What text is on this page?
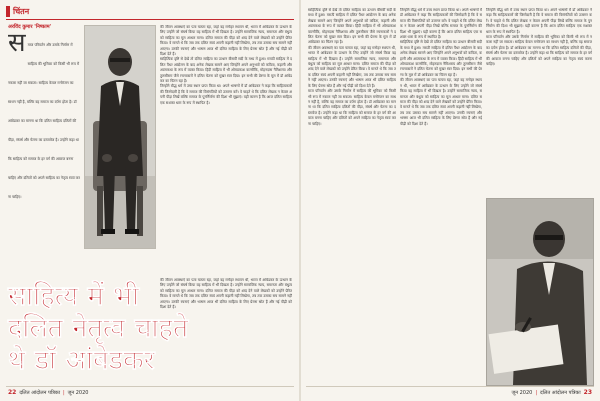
चिंतन
अरविंद कुमार 'निष्काम'
स माज परिवर्तन और उसके निर्माण में साहित्य की भूमिका को किसी भी रूप में नकारा नहीं जा सकता। साहित्य केवल मनोरंजन का साधन नहीं है, बल्कि वह समाज का दर्पण होता है। डॉ आंबेडकर का मानना था कि दलित साहित्य दलितों की पीड़ा, संघर्ष और चेतना का दस्तावेज है। उन्होंने कहा था कि साहित्य को समाज के हर वर्ग की आवाज बनना चाहिए और दलितों को अपने साहित्य का नेतृत्व स्वयं करना चाहिए।

की जीवन अवस्थाएं का पता चलता रहा, जहां वह मनोहर स्थापन थी, भारत में आंबेडकर के उत्थान के लिए उन्होंने जो संघर्ष किया वह साहित्य में भी दिखता है। उन्होंने सामाजिक न्याय, समानता और बंधुत्व को साहित्य का मूल आधार माना। दलित समाज की पीड़ा को शब्द देने वाले लेखकों को उन्होंने प्रेरित किया। वे मानते थे कि जब तक दलित स्वयं अपनी कहानी नहीं लिखेगा, तब तक उसका सच सामने नहीं आएगा। उनकी रचनाएं और भाषण आज भी दलित साहित्य के लिए प्रेरणा स्रोत हैं और नई पीढ़ी को दिशा देते हैं।

साहित्यिक दृष्टि से देखें तो दलित साहित्य का उत्थान बीसवीं सदी के मध्य में हुआ। मराठी साहित्य में दलित पैंथर आंदोलन के बाद अनेक लेखक सामने आए जिन्होंने अपने अनुभवों को कविता, कहानी और आत्मकथा के रूप में व्यक्त किया। हिंदी साहित्य में भी ओमप्रकाश वाल्मीकि, मोहनदास नैमिशराय और तुलसीराम जैसे रचनाकारों ने दलित चेतना को मुखर स्वर दिया। इन सभी की प्रेरणा के मूल में डॉ आंबेडकर का चिंतन रहा है।

जिन्होंने बौद्ध धर्म में उच्च स्थान प्राप्त किया था। अपने भाषणों में डॉ आंबेडकर ने कहा कि साहित्यकारों की जिम्मेदारी है कि वे समाज की विसंगतियों को उजागर करें। वे चाहते थे कि दलित लेखक न केवल अपनी पीड़ा लिखें बल्कि समाज के पुनर्निर्माण की दिशा भी सुझाएं। यही कारण है कि आज दलित साहित्य एक सशक्त धारा के रूप में स्थापित है।

की जीवन अवस्थाएं का पता चलता रहा, जहां वह मनोहर स्थापन थी, भारत में आंबेडकर के उत्थान के लिए उन्होंने जो संघर्ष किया वह साहित्य में भी दिखता है। उन्होंने सामाजिक न्याय, समानता और बंधुत्व को साहित्य का मूल आधार माना। दलित समाज की पीड़ा को शब्द देने वाले लेखकों को उन्होंने प्रेरित किया। वे मानते थे कि जब तक दलित स्वयं अपनी कहानी नहीं लिखेगा, तब तक उसका सच सामने नहीं आएगा। उनकी रचनाएं और भाषण आज भी दलित साहित्य के लिए प्रेरणा स्रोत हैं और नई पीढ़ी को दिशा देते हैं।

साहित्य में भी
दलित नेतृत्व चाहते
थे डॉ आंबेडकर

साहित्यिक दृष्टि से देखें तो दलित साहित्य का उत्थान बीसवीं सदी के मध्य में हुआ। मराठी साहित्य में दलित पैंथर आंदोलन के बाद अनेक लेखक सामने आए जिन्होंने अपने अनुभवों को कविता, कहानी और आत्मकथा के रूप में व्यक्त किया। हिंदी साहित्य में भी ओमप्रकाश वाल्मीकि, मोहनदास नैमिशराय और तुलसीराम जैसे रचनाकारों ने दलित चेतना को मुखर स्वर दिया। इन सभी की प्रेरणा के मूल में डॉ आंबेडकर का चिंतन रहा है।

की जीवन अवस्थाएं का पता चलता रहा, जहां वह मनोहर स्थापन थी, भारत में आंबेडकर के उत्थान के लिए उन्होंने जो संघर्ष किया वह साहित्य में भी दिखता है। उन्होंने सामाजिक न्याय, समानता और बंधुत्व को साहित्य का मूल आधार माना। दलित समाज की पीड़ा को शब्द देने वाले लेखकों को उन्होंने प्रेरित किया। वे मानते थे कि जब तक दलित स्वयं अपनी कहानी नहीं लिखेगा, तब तक उसका सच सामने नहीं आएगा। उनकी रचनाएं और भाषण आज भी दलित साहित्य के लिए प्रेरणा स्रोत हैं और नई पीढ़ी को दिशा देते हैं।

माज परिवर्तन और उसके निर्माण में साहित्य की भूमिका को किसी भी रूप में नकारा नहीं जा सकता। साहित्य केवल मनोरंजन का साधन नहीं है, बल्कि वह समाज का दर्पण होता है। डॉ आंबेडकर का मानना था कि दलित साहित्य दलितों की पीड़ा, संघर्ष और चेतना का दस्तावेज है। उन्होंने कहा था कि साहित्य को समाज के हर वर्ग की आवाज बनना चाहिए और दलितों को अपने साहित्य का नेतृत्व स्वयं करना चाहिए।

जिन्होंने बौद्ध धर्म में उच्च स्थान प्राप्त किया था। अपने भाषणों में डॉ आंबेडकर ने कहा कि साहित्यकारों की जिम्मेदारी है कि वे समाज की विसंगतियों को उजागर करें। वे चाहते थे कि दलित लेखक न केवल अपनी पीड़ा लिखें बल्कि समाज के पुनर्निर्माण की दिशा भी सुझाएं। यही कारण है कि आज दलित साहित्य एक सशक्त धारा के रूप में स्थापित है।

साहित्यिक दृष्टि से देखें तो दलित साहित्य का उत्थान बीसवीं सदी के मध्य में हुआ। मराठी साहित्य में दलित पैंथर आंदोलन के बाद अनेक लेखक सामने आए जिन्होंने अपने अनुभवों को कविता, कहानी और आत्मकथा के रूप में व्यक्त किया। हिंदी साहित्य में भी ओमप्रकाश वाल्मीकि, मोहनदास नैमिशराय और तुलसीराम जैसे रचनाकारों ने दलित चेतना को मुखर स्वर दिया। इन सभी की प्रेरणा के मूल में डॉ आंबेडकर का चिंतन रहा है।

की जीवन अवस्थाएं का पता चलता रहा, जहां वह मनोहर स्थापन थी, भारत में आंबेडकर के उत्थान के लिए उन्होंने जो संघर्ष किया वह साहित्य में भी दिखता है। उन्होंने सामाजिक न्याय, समानता और बंधुत्व को साहित्य का मूल आधार माना। दलित समाज की पीड़ा को शब्द देने वाले लेखकों को उन्होंने प्रेरित किया। वे मानते थे कि जब तक दलित स्वयं अपनी कहानी नहीं लिखेगा, तब तक उसका सच सामने नहीं आएगा। उनकी रचनाएं और भाषण आज भी दलित साहित्य के लिए प्रेरणा स्रोत हैं और नई पीढ़ी को दिशा देते हैं।

जिन्होंने बौद्ध धर्म में उच्च स्थान प्राप्त किया था। अपने भाषणों में डॉ आंबेडकर ने कहा कि साहित्यकारों की जिम्मेदारी है कि वे समाज की विसंगतियों को उजागर करें। वे चाहते थे कि दलित लेखक न केवल अपनी पीड़ा लिखें बल्कि समाज के पुनर्निर्माण की दिशा भी सुझाएं। यही कारण है कि आज दलित साहित्य एक सशक्त धारा के रूप में स्थापित है।

माज परिवर्तन और उसके निर्माण में साहित्य की भूमिका को किसी भी रूप में नकारा नहीं जा सकता। साहित्य केवल मनोरंजन का साधन नहीं है, बल्कि वह समाज का दर्पण होता है। डॉ आंबेडकर का मानना था कि दलित साहित्य दलितों की पीड़ा, संघर्ष और चेतना का दस्तावेज है। उन्होंने कहा था कि साहित्य को समाज के हर वर्ग की आवाज बनना चाहिए और दलितों को अपने साहित्य का नेतृत्व स्वयं करना चाहिए।

22 दलित आंदोलन पत्रिका | जून 2020	जून 2020 | दलित आंदोलन पत्रिका 23
